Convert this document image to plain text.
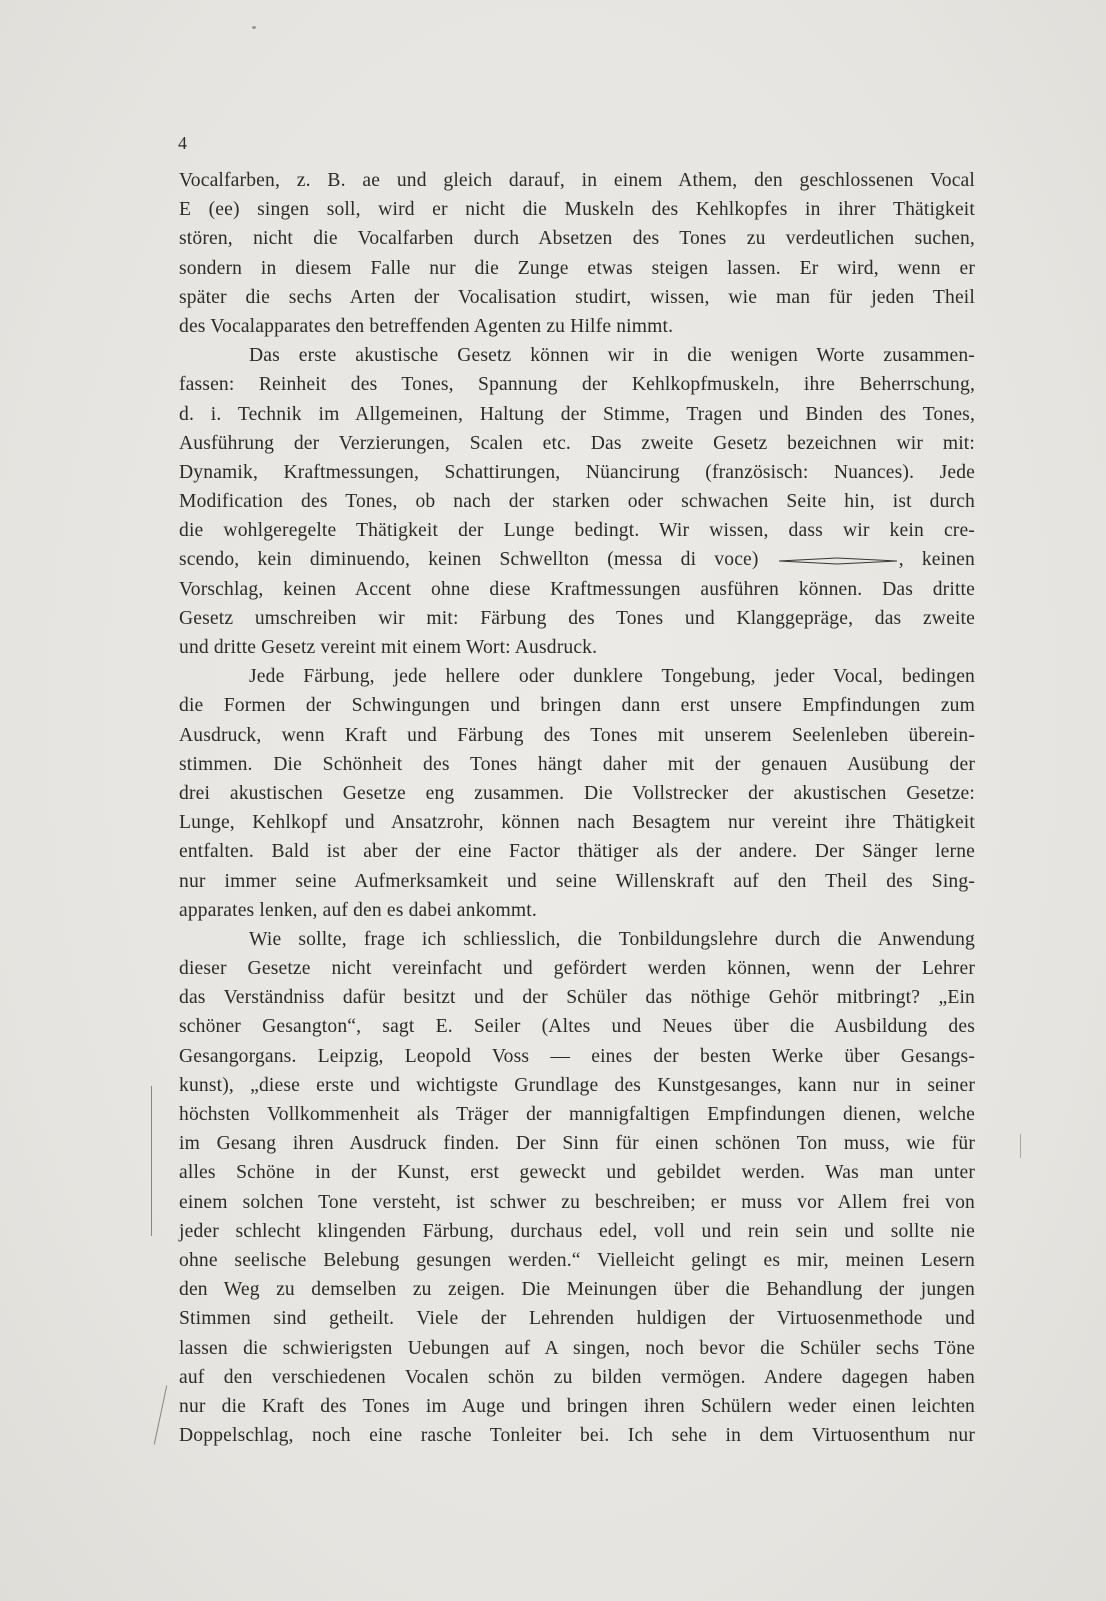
4
Vocalfarben, z. B. ae und gleich darauf, in einem Athem, den geschlossenen Vocal
E (ee) singen soll, wird er nicht die Muskeln des Kehlkopfes in ihrer Thätigkeit
stören, nicht die Vocalfarben durch Absetzen des Tones zu verdeutlichen suchen,
sondern in diesem Falle nur die Zunge etwas steigen lassen. Er wird, wenn er
später die sechs Arten der Vocalisation studirt, wissen, wie man für jeden Theil
des Vocalapparates den betreffenden Agenten zu Hilfe nimmt.
Das erste akustische Gesetz können wir in die wenigen Worte zusammen-
fassen: Reinheit des Tones, Spannung der Kehlkopfmuskeln, ihre Beherrschung,
d. i. Technik im Allgemeinen, Haltung der Stimme, Tragen und Binden des Tones,
Ausführung der Verzierungen, Scalen etc. Das zweite Gesetz bezeichnen wir mit:
Dynamik, Kraftmessungen, Schattirungen, Nüancirung (französisch: Nuances). Jede
Modification des Tones, ob nach der starken oder schwachen Seite hin, ist durch
die wohlgeregelte Thätigkeit der Lunge bedingt. Wir wissen, dass wir kein cre-
scendo, kein diminuendo, keinen Schwellton (messa di voce)	, keinen
Vorschlag, keinen Accent ohne diese Kraftmessungen ausführen können. Das dritte
Gesetz umschreiben wir mit: Färbung des Tones und Klanggepräge, das zweite
und dritte Gesetz vereint mit einem Wort: Ausdruck.
Jede Färbung, jede hellere oder dunklere Tongebung, jeder Vocal, bedingen
die Formen der Schwingungen und bringen dann erst unsere Empfindungen zum
Ausdruck, wenn Kraft und Färbung des Tones mit unserem Seelenleben überein-
stimmen. Die Schönheit des Tones hängt daher mit der genauen Ausübung der
drei akustischen Gesetze eng zusammen. Die Vollstrecker der akustischen Gesetze:
Lunge, Kehlkopf und Ansatzrohr, können nach Besagtem nur vereint ihre Thätigkeit
entfalten. Bald ist aber der eine Factor thätiger als der andere. Der Sänger lerne
nur immer seine Aufmerksamkeit und seine Willenskraft auf den Theil des Sing-
apparates lenken, auf den es dabei ankommt.
Wie sollte, frage ich schliesslich, die Tonbildungslehre durch die Anwendung
dieser Gesetze nicht vereinfacht und gefördert werden können, wenn der Lehrer
das Verständniss dafür besitzt und der Schüler das nöthige Gehör mitbringt? „Ein
schöner Gesangton“, sagt E. Seiler (Altes und Neues über die Ausbildung des
Gesangorgans. Leipzig, Leopold Voss — eines der besten Werke über Gesangs-
kunst), „diese erste und wichtigste Grundlage des Kunstgesanges, kann nur in seiner
höchsten Vollkommenheit als Träger der mannigfaltigen Empfindungen dienen, welche
im Gesang ihren Ausdruck finden. Der Sinn für einen schönen Ton muss, wie für
alles Schöne in der Kunst, erst geweckt und gebildet werden. Was man unter
einem solchen Tone versteht, ist schwer zu beschreiben; er muss vor Allem frei von
jeder schlecht klingenden Färbung, durchaus edel, voll und rein sein und sollte nie
ohne seelische Belebung gesungen werden.“ Vielleicht gelingt es mir, meinen Lesern
den Weg zu demselben zu zeigen. Die Meinungen über die Behandlung der jungen
Stimmen sind getheilt. Viele der Lehrenden huldigen der Virtuosenmethode und
lassen die schwierigsten Uebungen auf A singen, noch bevor die Schüler sechs Töne
auf den verschiedenen Vocalen schön zu bilden vermögen. Andere dagegen haben
nur die Kraft des Tones im Auge und bringen ihren Schülern weder einen leichten
Doppelschlag, noch eine rasche Tonleiter bei. Ich sehe in dem Virtuosenthum nur
